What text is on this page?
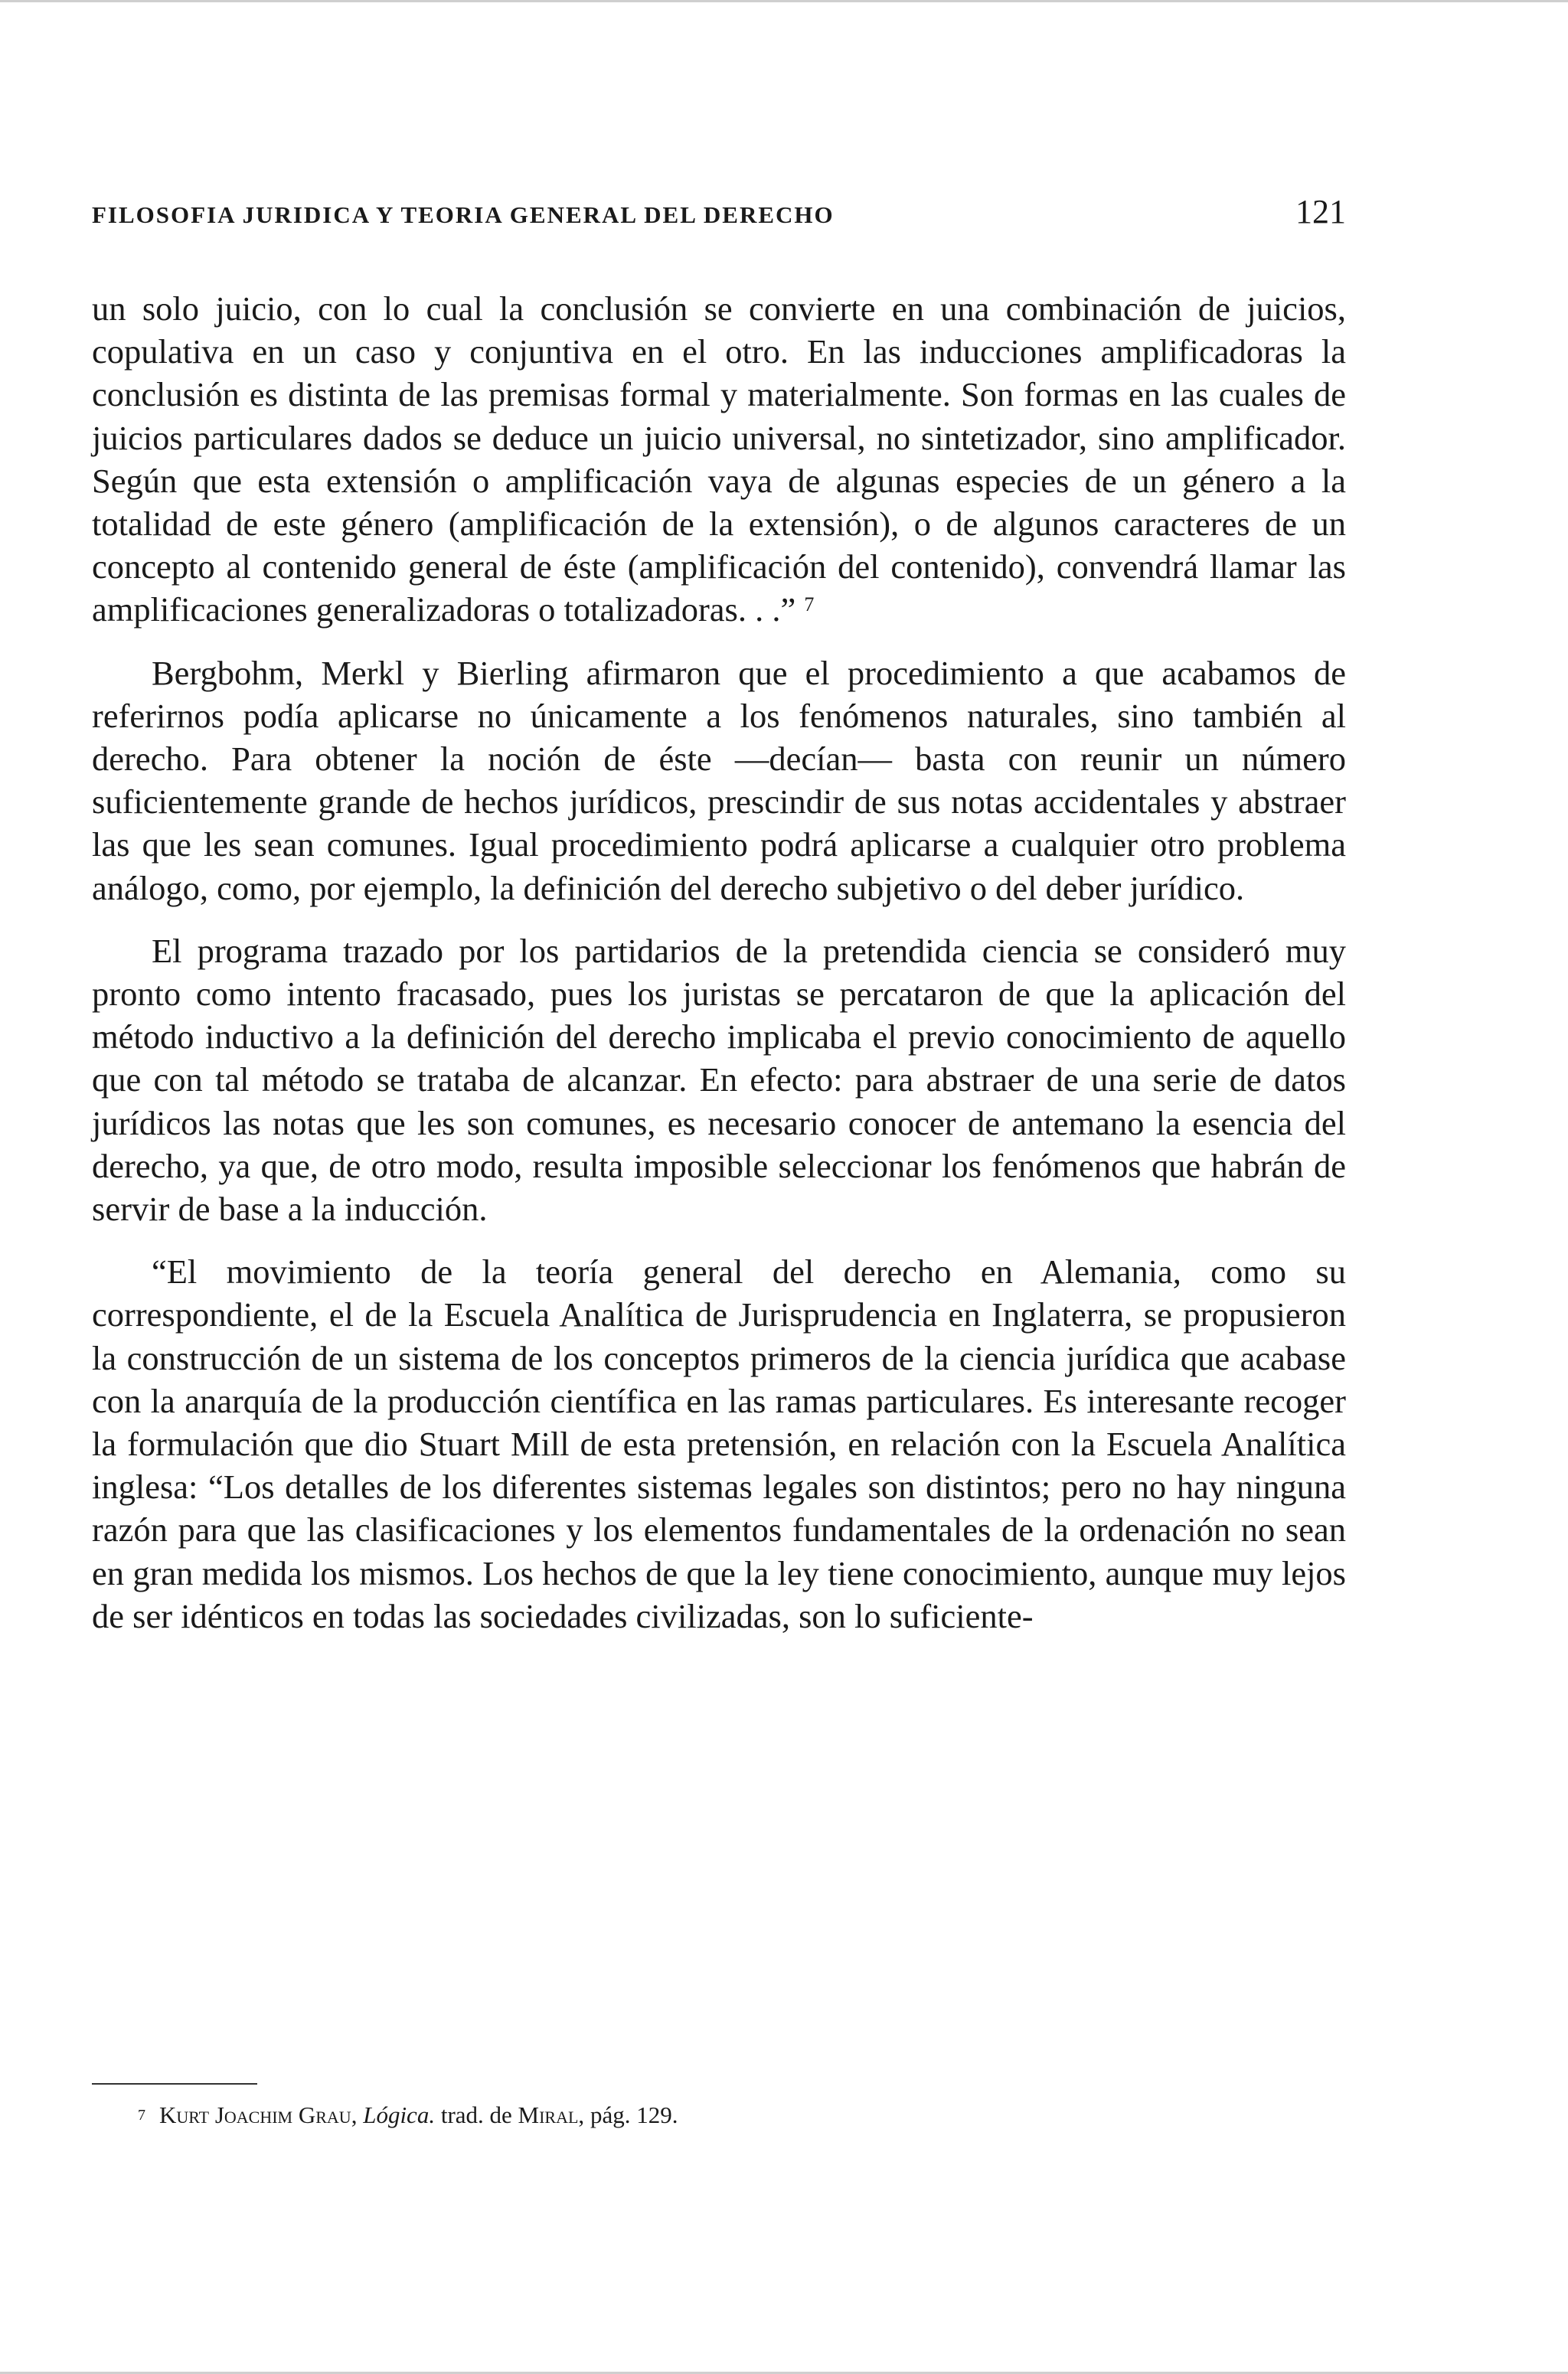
FILOSOFIA JURIDICA Y TEORIA GENERAL DEL DERECHO	121

un solo juicio, con lo cual la conclusión se convierte en una combinación de juicios, copulativa en un caso y conjuntiva en el otro. En las inducciones amplificadoras la conclusión es distinta de las premisas formal y materialmente. Son formas en las cuales de juicios particulares dados se deduce un juicio universal, no sintetizador, sino amplificador. Según que esta extensión o amplificación vaya de algunas especies de un género a la totalidad de este género (amplificación de la extensión), o de algunos caracteres de un concepto al contenido general de éste (amplificación del contenido), convendrá llamar las amplificaciones generalizadoras o totalizadoras. . .” $^7$

Bergbohm, Merkl y Bierling afirmaron que el procedimiento a que acabamos de referirnos podía aplicarse no únicamente a los fenómenos naturales, sino también al derecho. Para obtener la noción de éste —decían— basta con reunir un número suficientemente grande de hechos jurídicos, prescindir de sus notas accidentales y abstraer las que les sean comunes. Igual procedimiento podrá aplicarse a cualquier otro problema análogo, como, por ejemplo, la definición del derecho subjetivo o del deber jurídico.

El programa trazado por los partidarios de la pretendida ciencia se consideró muy pronto como intento fracasado, pues los juristas se percataron de que la aplicación del método inductivo a la definición del derecho implicaba el previo conocimiento de aquello que con tal método se trataba de alcanzar. En efecto: para abstraer de una serie de datos jurídicos las notas que les son comunes, es necesario conocer de antemano la esencia del derecho, ya que, de otro modo, resulta imposible seleccionar los fenómenos que habrán de servir de base a la inducción.

“El movimiento de la teoría general del derecho en Alemania, como su correspondiente, el de la Escuela Analítica de Jurisprudencia en Inglaterra, se propusieron la construcción de un sistema de los conceptos primeros de la ciencia jurídica que acabase con la anarquía de la producción científica en las ramas particulares. Es interesante recoger la formulación que dio Stuart Mill de esta pretensión, en relación con la Escuela Analítica inglesa: “Los detalles de los diferentes sistemas legales son distintos; pero no hay ninguna razón para que las clasificaciones y los elementos fundamentales de la ordenación no sean en gran medida los mismos. Los hechos de que la ley tiene conocimiento, aunque muy lejos de ser idénticos en todas las sociedades civilizadas, son lo suficiente-

$^7$ Kurt Joachim Grau, Lógica. trad. de Miral, pág. 129.
